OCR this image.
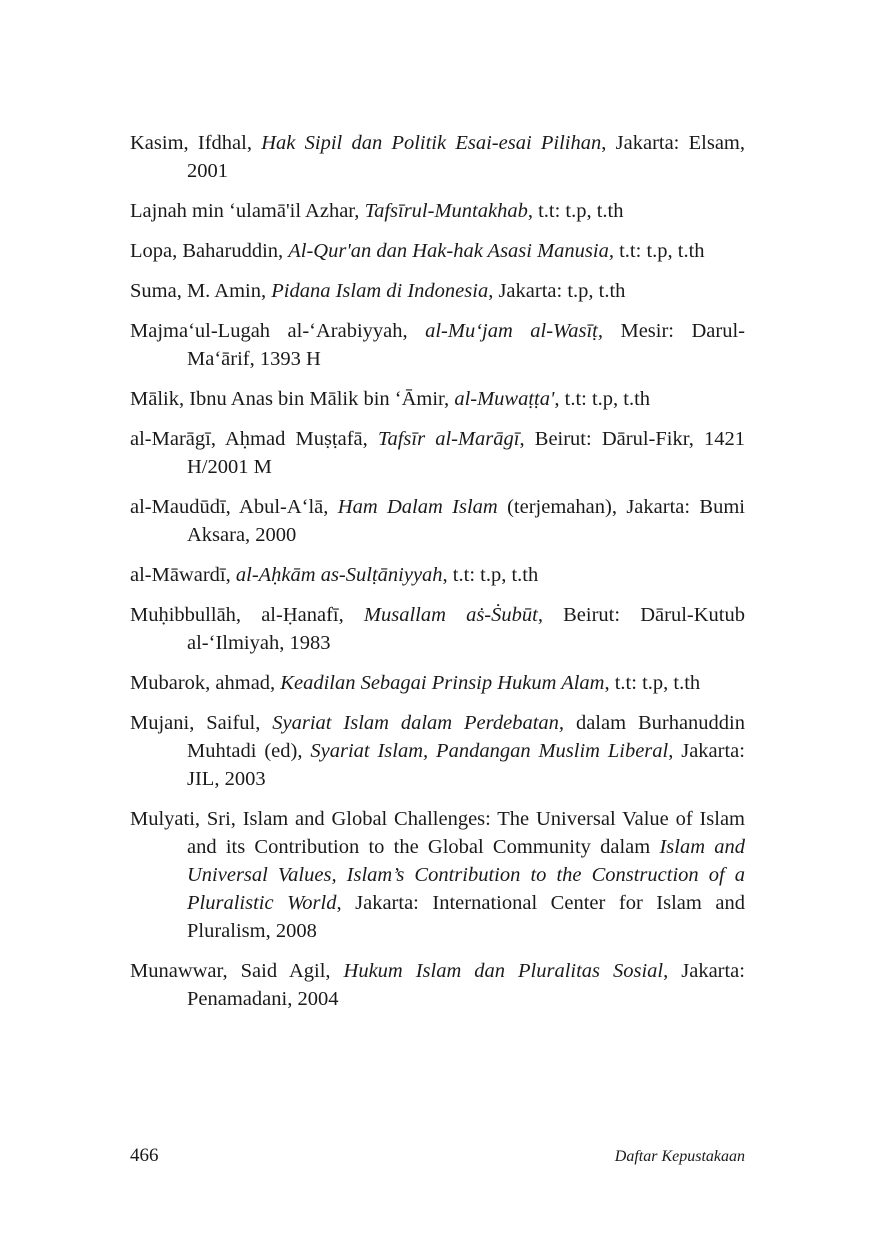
Kasim, Ifdhal, Hak Sipil dan Politik Esai-esai Pilihan, Jakarta: Elsam, 2001

Lajnah min ‘ulamā'il Azhar, Tafsīrul-Muntakhab, t.t: t.p, t.th

Lopa, Baharuddin, Al-Qur'an dan Hak-hak Asasi Manusia, t.t: t.p, t.th

Suma, M. Amin, Pidana Islam di Indonesia, Jakarta: t.p, t.th

Majma‘ul-Lugah al-‘Arabiyyah, al-Mu‘jam al-Wasīṭ, Mesir: Darul-Ma‘ārif, 1393 H

Mālik, Ibnu Anas bin Mālik bin ‘Āmir, al-Muwaṭṭa', t.t: t.p, t.th

al-Marāgī, Aḥmad Muṣṭafā, Tafsīr al-Marāgī, Beirut: Dārul-Fikr, 1421 H/2001 M

al-Maudūdī, Abul-A‘lā, Ham Dalam Islam (terjemahan), Jakarta: Bumi Aksara, 2000

al-Māwardī, al-Aḥkām as-Sulṭāniyyah, t.t: t.p, t.th

Muḥibbullāh, al-Ḥanafī, Musallam aṡ-Ṡubūt, Beirut: Dārul-Kutub al-‘Ilmiyah, 1983

Mubarok, ahmad, Keadilan Sebagai Prinsip Hukum Alam, t.t: t.p, t.th

Mujani, Saiful, Syariat Islam dalam Perdebatan, dalam Burhanuddin Muhtadi (ed), Syariat Islam, Pandangan Muslim Liberal, Jakarta: JIL, 2003

Mulyati, Sri, Islam and Global Challenges: The Universal Value of Islam and its Contribution to the Global Community dalam Islam and Universal Values, Islam’s Contribution to the Construction of a Pluralistic World, Jakarta: International Center for Islam and Pluralism, 2008

Munawwar, Said Agil, Hukum Islam dan Pluralitas Sosial, Jakarta: Penamadani, 2004

466	Daftar Kepustakaan
